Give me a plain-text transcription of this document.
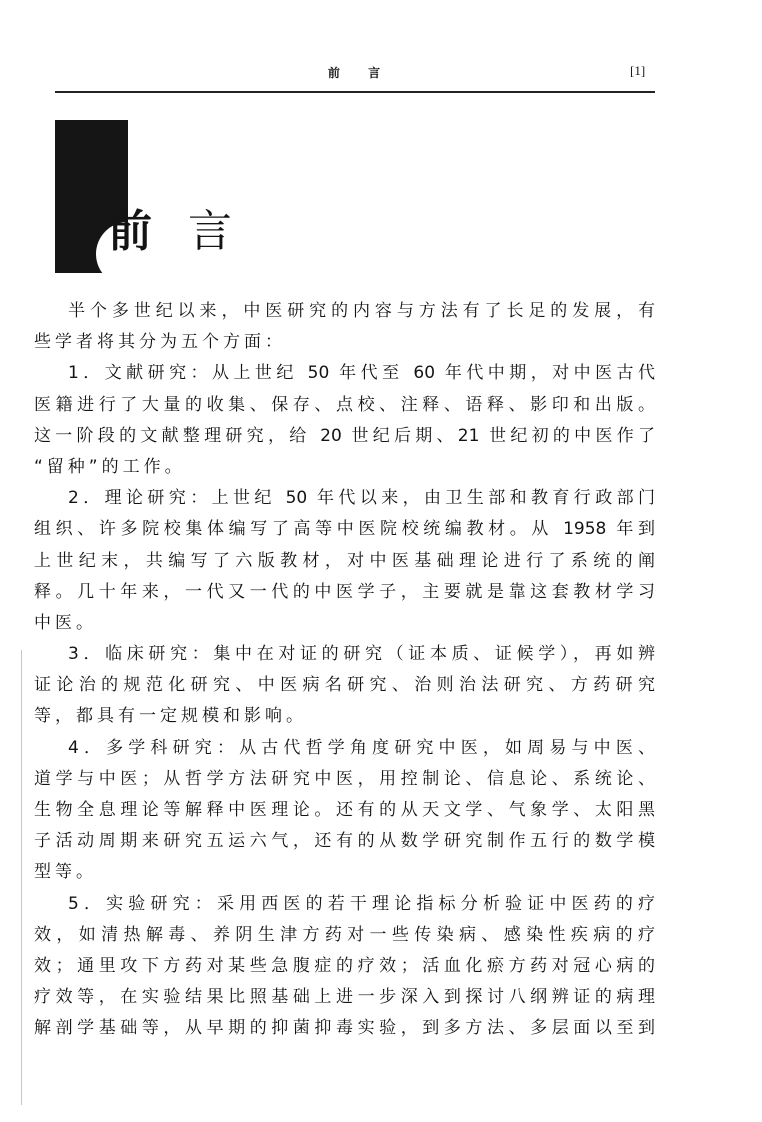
前 言	[1]
前 言
半个多世纪以来，中医研究的内容与方法有了长足的发展，有
些学者将其分为五个方面：
1．文献研究：从上世纪 50 年代至 60 年代中期，对中医古代
医籍进行了大量的收集、保存、点校、注释、语释、影印和出版。
这一阶段的文献整理研究，给 20 世纪后期、21 世纪初的中医作了
“留种”的工作。
2．理论研究：上世纪 50 年代以来，由卫生部和教育行政部门
组织、许多院校集体编写了高等中医院校统编教材。从 1958 年到
上世纪末，共编写了六版教材，对中医基础理论进行了系统的阐
释。几十年来，一代又一代的中医学子，主要就是靠这套教材学习
中医。
3．临床研究：集中在对证的研究（证本质、证候学），再如辨
证论治的规范化研究、中医病名研究、治则治法研究、方药研究
等，都具有一定规模和影响。
4．多学科研究：从古代哲学角度研究中医，如周易与中医、
道学与中医；从哲学方法研究中医，用控制论、信息论、系统论、
生物全息理论等解释中医理论。还有的从天文学、气象学、太阳黑
子活动周期来研究五运六气，还有的从数学研究制作五行的数学模
型等。
5．实验研究：采用西医的若干理论指标分析验证中医药的疗
效，如清热解毒、养阴生津方药对一些传染病、感染性疾病的疗
效；通里攻下方药对某些急腹症的疗效；活血化瘀方药对冠心病的
疗效等，在实验结果比照基础上进一步深入到探讨八纲辨证的病理
解剖学基础等，从早期的抑菌抑毒实验，到多方法、多层面以至到
